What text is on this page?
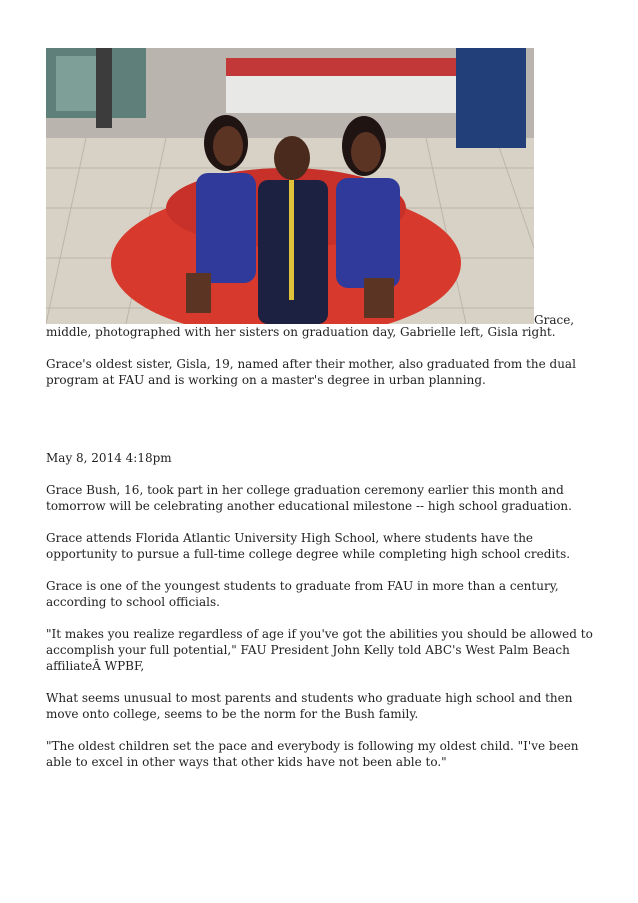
Grace,

middle, photographed with her sisters on graduation day, Gabrielle left, Gisla right.

Grace's oldest sister, Gisla, 19, named after their mother, also graduated from the dual program at FAU and is working on a master's degree in urban planning.

May 8, 2014 4:18pm

Grace Bush, 16, took part in her college graduation ceremony earlier this month and tomorrow will be celebrating another educational milestone -- high school graduation.

Grace attends Florida Atlantic University High School, where students have the opportunity to pursue a full-time college degree while completing high school credits.

Grace is one of the youngest students to graduate from FAU in more than a century, according to school officials.

"It makes you realize regardless of age if you've got the abilities you should be allowed to accomplish your full potential," FAU President John Kelly told ABC's West Palm Beach affiliateÂ WPBF,

What seems unusual to most parents and students who graduate high school and then move onto college, seems to be the norm for the Bush family.

"The oldest children set the pace and everybody is following my oldest child. "I've been able to excel in other ways that other kids have not been able to."
